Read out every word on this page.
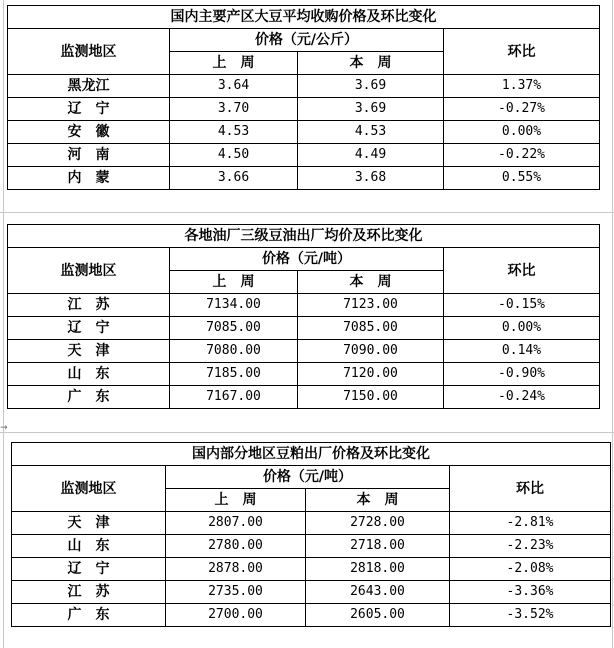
→
国内主要产区大豆平均收购价格及环比变化			
监测地区	价格（元/公斤）		环比
	上　周	本　周	
黑龙江	3.64	3.69	1.37%
辽　宁	3.70	3.69	-0.27%
安　徽	4.53	4.53	0.00%
河　南	4.50	4.49	-0.22%
内　蒙	3.66	3.68	0.55%
各地油厂三级豆油出厂均价及环比变化			
监测地区	价格（元/吨）		环比
	上　周	本　周	
江　苏	7134.00	7123.00	-0.15%
辽　宁	7085.00	7085.00	0.00%
天　津	7080.00	7090.00	0.14%
山　东	7185.00	7120.00	-0.90%
广　东	7167.00	7150.00	-0.24%
国内部分地区豆粕出厂价格及环比变化			
监测地区	价格（元/吨）		环比
	上　周	本　周	
天　津	2807.00	2728.00	-2.81%
山　东	2780.00	2718.00	-2.23%
辽　宁	2878.00	2818.00	-2.08%
江　苏	2735.00	2643.00	-3.36%
广　东	2700.00	2605.00	-3.52%
